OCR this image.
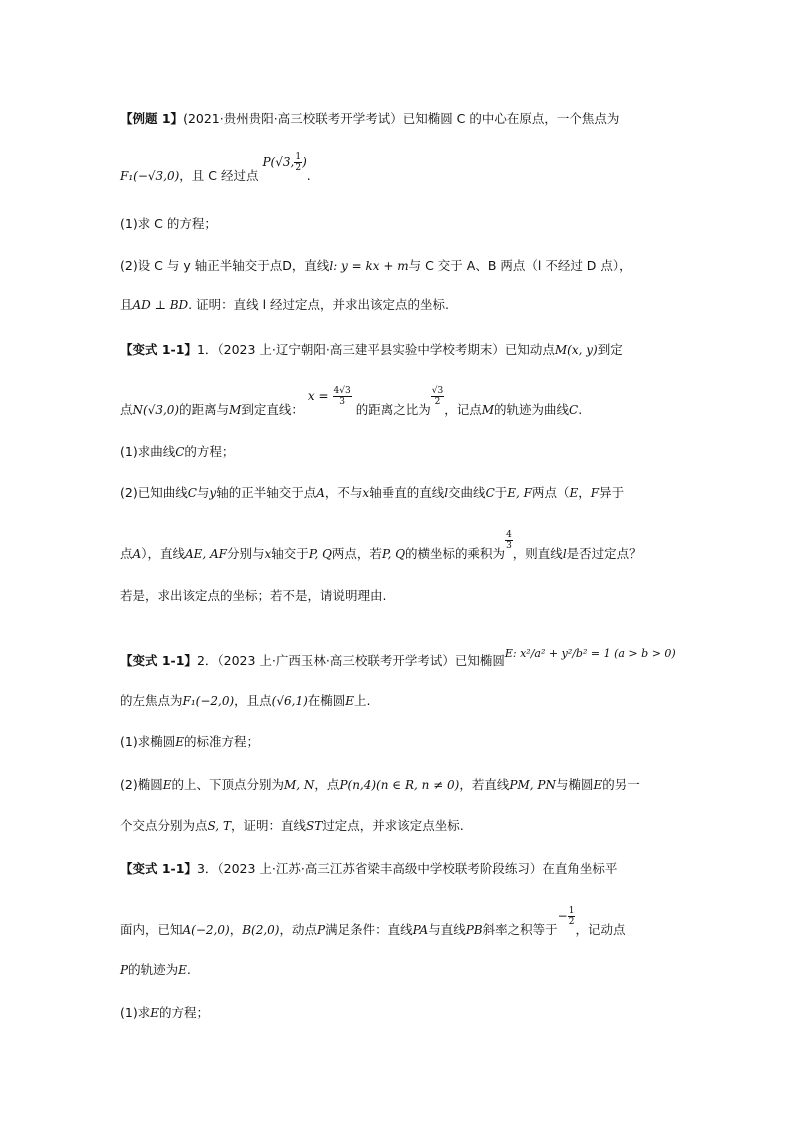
【例题 1】(2021·贵州贵阳·高三校联考开学考试）已知椭圆 C 的中心在原点，一个焦点为
F₁(−√3,0)，且 C 经过点 P(√3, $\frac{1}{2}$ ).
(1)求 C 的方程；
(2)设 C 与 y 轴正半轴交于点D，直线l: y = kx + m与 C 交于 A、B 两点（l 不经过 D 点），
且AD ⊥ BD. 证明：直线 l 经过定点，并求出该定点的坐标.
【变式 1-1】1．（2023 上·辽宁朝阳·高三建平县实验中学校考期末）已知动点M(x, y)到定
点N(√3,0)的距离与M到定直线： $x = \frac{4√3}{3}$
的距离之比为
$\frac{√3}{2}$
，记点M的轨迹为曲线C.
(1)求曲线C的方程；
(2)已知曲线C与y轴的正半轴交于点A，不与x轴垂直的直线l交曲线C于E, F两点（E，F异于
点A），直线AE, AF分别与x轴交于P, Q两点，若P, Q的横坐标的乘积为
$\frac{4}{3}$
，则直线l是否过定点？
若是，求出该定点的坐标；若不是，请说明理由.
【变式 1-1】2．（2023 上·广西玉林·高三校联考开学考试）已知椭圆E: x²/a² + y²/b² = 1 (a > b > 0)
的左焦点为F₁(−2,0)，且点(√6,1)在椭圆E上.
(1)求椭圆E的标准方程；
(2)椭圆E的上、下顶点分别为M, N，点P(n,4)(n ∈ R, n ≠ 0)，若直线PM, PN与椭圆E的另一
个交点分别为点S, T，证明：直线ST过定点，并求该定点坐标.
【变式 1-1】3．（2023 上·江苏·高三江苏省梁丰高级中学校联考阶段练习）在直角坐标平
面内，已知A(−2,0)，B(2,0)，动点P满足条件：直线PA与直线PB斜率之积等于− $\frac{1}{2}$
，记动点
P的轨迹为E.
(1)求E的方程；
